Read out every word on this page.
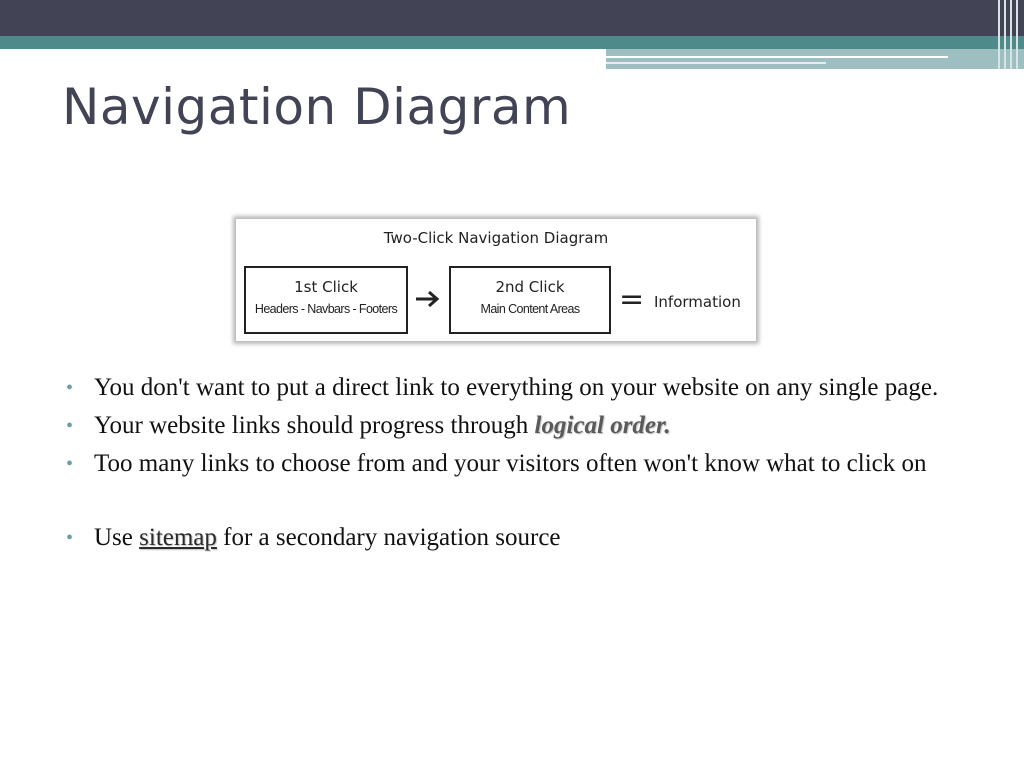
Navigation Diagram
Two-Click Navigation Diagram
1st Click
Headers - Navbars - Footers
2nd Click
Main Content Areas	= Information
• You don't want to put a direct link to everything on your website on any single page.
• Your website links should progress through logical order.
• Too many links to choose from and your visitors often won't know what to click on
• Use sitemap for a secondary navigation source
